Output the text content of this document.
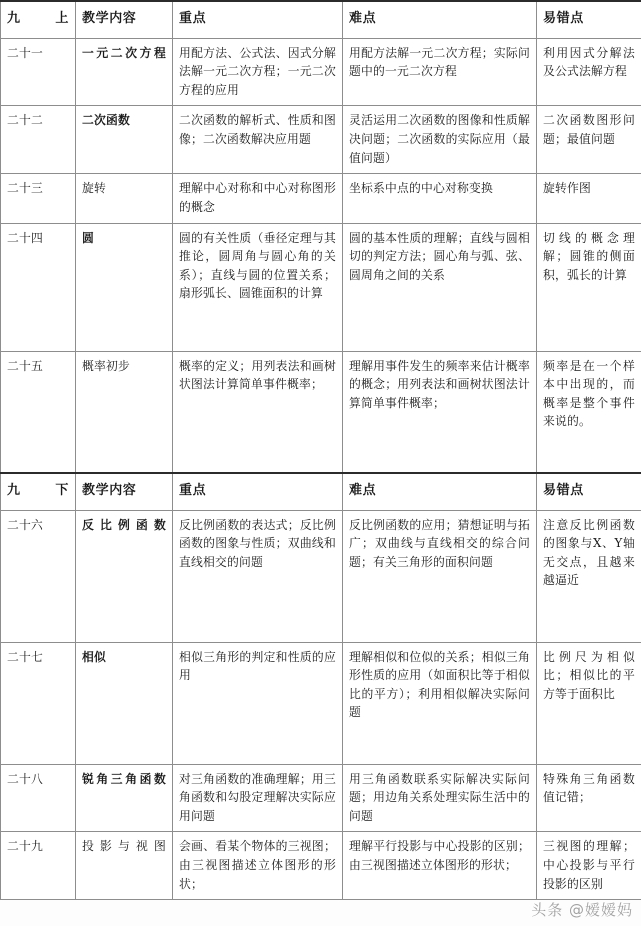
九上	教学内容	重点	难点	易错点
二十一	一元二次方程	用配方法、公式法、因式分解法解一元二次方程；一元二次方程的应用	用配方法解一元二次方程；实际问题中的一元二次方程	利用因式分解法及公式法解方程
二十二	二次函数	二次函数的解析式、性质和图像；二次函数解决应用题	灵活运用二次函数的图像和性质解决问题；二次函数的实际应用（最值问题）	二次函数图形问题；最值问题
二十三	旋转	理解中心对称和中心对称图形的概念	坐标系中点的中心对称变换	旋转作图
二十四	圆	圆的有关性质（垂径定理与其推论，圆周角与圆心角的关系）；直线与圆的位置关系；扇形弧长、圆锥面积的计算	圆的基本性质的理解；直线与圆相切的判定方法；圆心角与弧、弦、圆周角之间的关系	切线的概念理解；圆锥的侧面积，弧长的计算
二十五	概率初步	概率的定义；用列表法和画树状图法计算简单事件概率；	理解用事件发生的频率来估计概率的概念；用列表法和画树状图法计算简单事件概率；	频率是在一个样本中出现的，而概率是整个事件来说的。
九下	教学内容	重点	难点	易错点
二十六	反比例函数	反比例函数的表达式；反比例函数的图象与性质；双曲线和直线相交的问题	反比例函数的应用；猜想证明与拓广；双曲线与直线相交的综合问题；有关三角形的面积问题	注意反比例函数的图象与X、Y轴无交点，且越来越逼近
二十七	相似	相似三角形的判定和性质的应用	理解相似和位似的关系；相似三角形性质的应用（如面积比等于相似比的平方）；利用相似解决实际问题	比例尺为相似比；相似比的平方等于面积比
二十八	锐角三角函数	对三角函数的准确理解；用三角函数和勾股定理解决实际应用问题	用三角函数联系实际解决实际问题；用边角关系处理实际生活中的问题	特殊角三角函数值记错；
二十九	投影与视图	会画、看某个物体的三视图；由三视图描述立体图形的形状；	理解平行投影与中心投影的区别；由三视图描述立体图形的形状；	三视图的理解；中心投影与平行投影的区别
头条 @嫒嫒妈
